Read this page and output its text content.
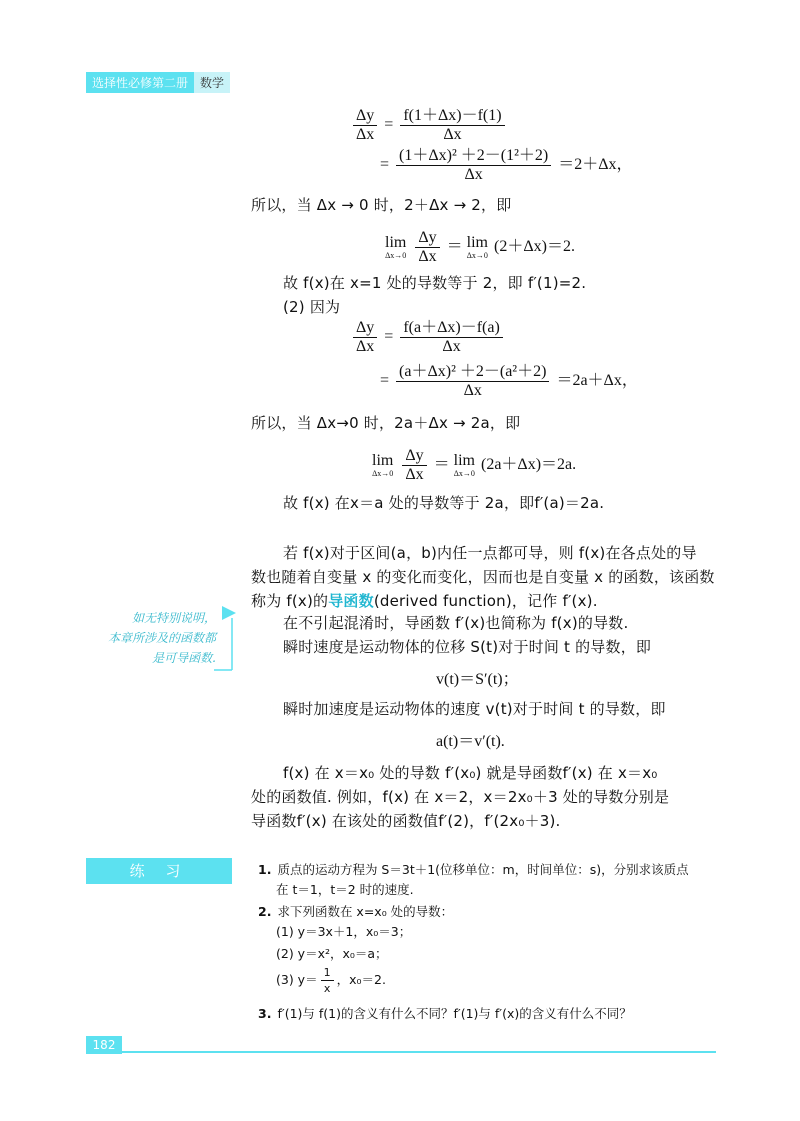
选择性必修第二册	数学
$\frac{\Delta y}{\Delta x} = \frac{f(1+\Delta x)-f(1)}{\Delta x}$
= $\frac{\text{(1＋Δx)² ＋2－(1²＋2)}}{\Delta x} =2+\Delta x$，
所以，当 Δx → 0 时，2＋Δx → 2，即
lim
Δx→0
$\frac{\Delta y}{\Delta x} = \lim$
Δx→0
(2＋Δx)＝2.
故 f(x)在 x=1 处的导数等于 2，即 f′(1)=2.
(2) 因为
$\frac{\Delta y}{\Delta x} = \frac{f(a+\Delta x)-f(a)}{\Delta x}$
= $\frac{\text{(a＋Δx)² ＋2－(a²＋2)}}{\Delta x} =2a+\Delta x$，
所以，当 Δx→0 时，2a＋Δx → 2a，即
lim
Δx→0
$\frac{\Delta y}{\Delta x} = \lim$
Δx→0
(2a＋Δx)＝2a.
故 f(x) 在x＝a 处的导数等于 2a，即f′(a)＝2a.
若 f(x)对于区间(a，b)内任一点都可导，则 f(x)在各点处的导
数也随着自变量 x 的变化而变化，因而也是自变量 x 的函数，该函数
称为 f(x)的导函数(derived function)，记作 f′(x).
在不引起混淆时，导函数 f′(x)也简称为 f(x)的导数.
瞬时速度是运动物体的位移 S(t)对于时间 t 的导数，即
v(t)＝S′(t)；
瞬时加速度是运动物体的速度 v(t)对于时间 t 的导数，即
a(t)＝v′(t).
f(x) 在 x＝x₀ 处的导数 f′(x₀) 就是导函数f′(x) 在 x＝x₀
处的函数值. 例如，f(x) 在 x＝2，x＝2x₀＋3 处的导数分别是
导函数f′(x) 在该处的函数值f′(2)，f′(2x₀＋3).
如无特别说明，
本章所涉及的函数都
是可导函数.
练 习	1. 质点的运动方程为 S＝3t＋1(位移单位：m，时间单位：s)，分别求该质点
在 t＝1，t＝2 时的速度.
2. 求下列函数在 x=x₀ 处的导数：
(1) y＝3x＋1，x₀＝3；
(2) y＝x²，x₀＝a；
(3) $y= \frac{1}{x}$ ，x₀＝2.
3. f′(1)与 f(1)的含义有什么不同？f′(1)与 f′(x)的含义有什么不同？
182
